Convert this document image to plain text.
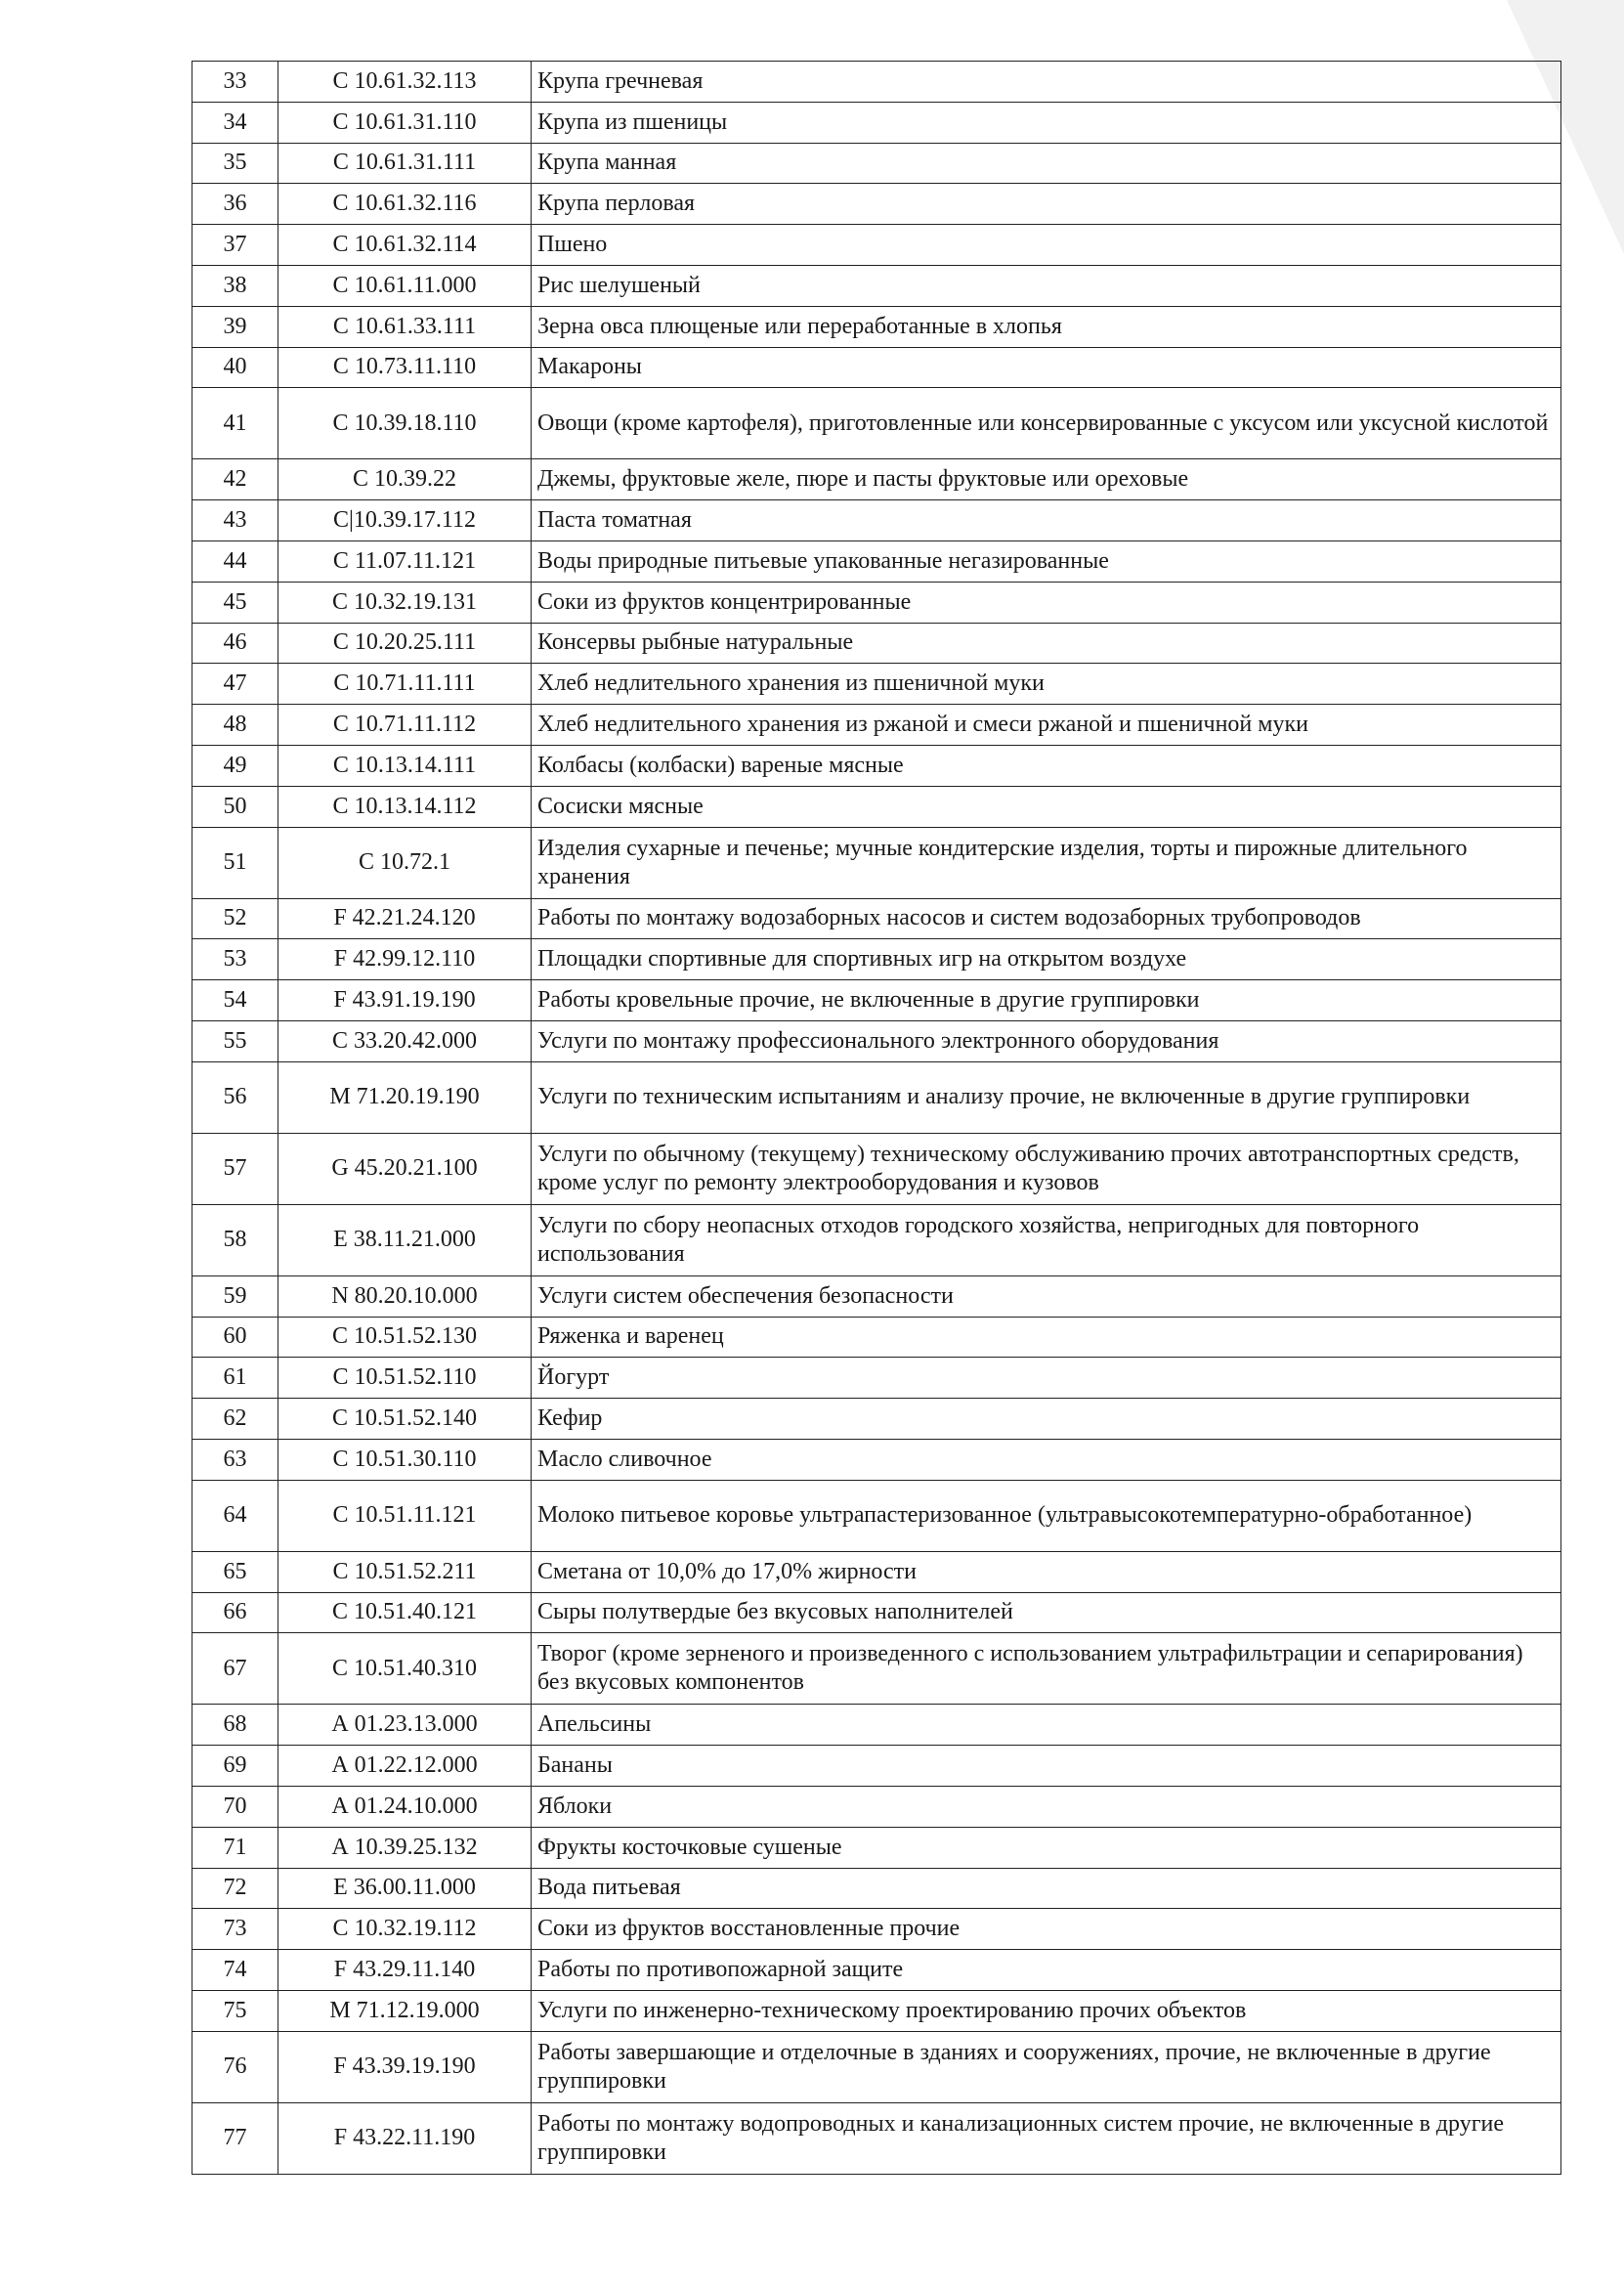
33	С 10.61.32.113	Крупа гречневая
34	С 10.61.31.110	Крупа из пшеницы
35	С 10.61.31.111	Крупа манная
36	С 10.61.32.116	Крупа перловая
37	С 10.61.32.114	Пшено
38	С 10.61.11.000	Рис шелушеный
39	С 10.61.33.111	Зерна овса плющеные или переработанные в хлопья
40	С 10.73.11.110	Макароны
41	С 10.39.18.110	Овощи (кроме картофеля), приготовленные или консервированные с уксусом или уксусной кислотой
42	С 10.39.22	Джемы, фруктовые желе, пюре и пасты фруктовые или ореховые
43	С|10.39.17.112	Паста томатная
44	С 11.07.11.121	Воды природные питьевые упакованные негазированные
45	С 10.32.19.131	Соки из фруктов концентрированные
46	С 10.20.25.111	Консервы рыбные натуральные
47	С 10.71.11.111	Хлеб недлительного хранения из пшеничной муки
48	С 10.71.11.112	Хлеб недлительного хранения из ржаной и смеси ржаной и пшеничной муки
49	С 10.13.14.111	Колбасы (колбаски) вареные мясные
50	С 10.13.14.112	Сосиски мясные
51	С 10.72.1	Изделия сухарные и печенье; мучные кондитерские изделия, торты и пирожные длительного хранения
52	F 42.21.24.120	Работы по монтажу водозаборных насосов и систем водозаборных трубопроводов
53	F 42.99.12.110	Площадки спортивные для спортивных игр на открытом воздухе
54	F 43.91.19.190	Работы кровельные прочие, не включенные в другие группировки
55	С 33.20.42.000	Услуги по монтажу профессионального электронного оборудования
56	М 71.20.19.190	Услуги по техническим испытаниям и анализу прочие, не включенные в другие группировки
57	G 45.20.21.100	Услуги по обычному (текущему) техническому обслуживанию прочих автотранспортных средств, кроме услуг по ремонту электрооборудования и кузовов
58	E 38.11.21.000	Услуги по сбору неопасных отходов городского хозяйства, непригодных для повторного использования
59	N 80.20.10.000	Услуги систем обеспечения безопасности
60	С 10.51.52.130	Ряженка и варенец
61	С 10.51.52.110	Йогурт
62	С 10.51.52.140	Кефир
63	С 10.51.30.110	Масло сливочное
64	С 10.51.11.121	Молоко питьевое коровье ультрапастеризованное (ультравысокотемпературно-обработанное)
65	С 10.51.52.211	Сметана от 10,0% до 17,0% жирности
66	С 10.51.40.121	Сыры полутвердые без вкусовых наполнителей
67	С 10.51.40.310	Творог (кроме зерненого и произведенного с использованием ультрафильтрации и сепарирования) без вкусовых компонентов
68	А 01.23.13.000	Апельсины
69	А 01.22.12.000	Бананы
70	А 01.24.10.000	Яблоки
71	А 10.39.25.132	Фрукты косточковые сушеные
72	E 36.00.11.000	Вода питьевая
73	С 10.32.19.112	Соки из фруктов восстановленные прочие
74	F 43.29.11.140	Работы по противопожарной защите
75	М 71.12.19.000	Услуги по инженерно-техническому проектированию прочих объектов
76	F 43.39.19.190	Работы завершающие и отделочные в зданиях и сооружениях, прочие, не включенные в другие группировки
77	F 43.22.11.190	Работы по монтажу водопроводных и канализационных систем прочие, не включенные в другие группировки
